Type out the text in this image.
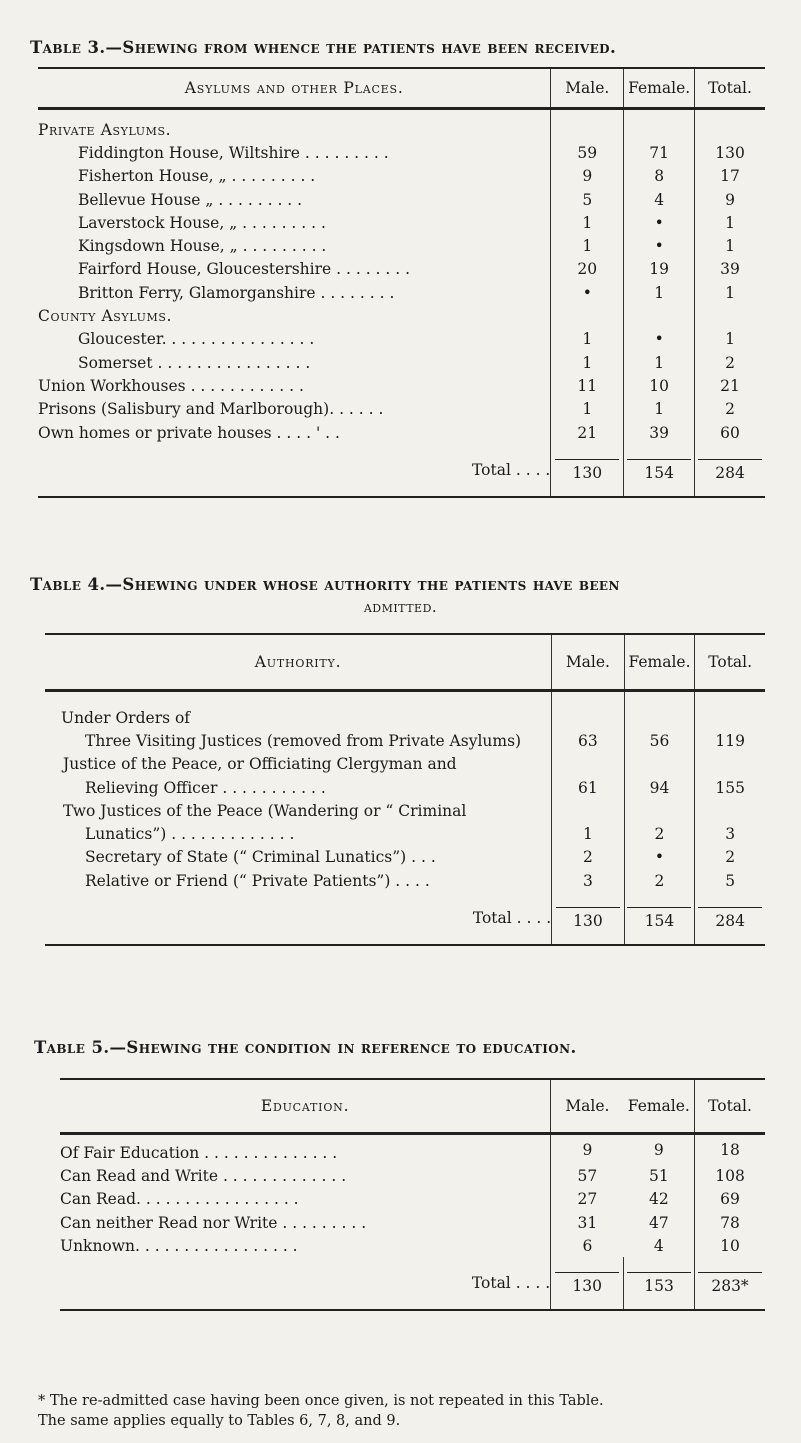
Table 3.—Shewing from whence the patients have been received.
Asylums and other Places.	Male.	Female.	Total.
Private Asylums.			
Fiddington House, Wiltshire . . . . . . . . .	59	71	130
Fisherton House, „ . . . . . . . . .	9	8	17
Bellevue House „ . . . . . . . . .	5	4	9
Laverstock House, „ . . . . . . . . .	1	•	1
Kingsdown House, „ . . . . . . . . .	1	•	1
Fairford House, Gloucestershire . . . . . . . .	20	19	39
Britton Ferry, Glamorganshire . . . . . . . .	•	1	1
County Asylums.			
Gloucester. . . . . . . . . . . . . . . .	1	•	1
Somerset . . . . . . . . . . . . . . . .	1	1	2
Union Workhouses . . . . . . . . . . . .	11	10	21
Prisons (Salisbury and Marlborough). . . . . .	1	1	2
Own homes or private houses . . . . ' . .	21	39	60
Total . . . .	130	154	284
Table 4.—Shewing under whose authority the patients have been
admitted.
Authority.	Male.	Female.	Total.
Under Orders of			
Three Visiting Justices (removed from Private Asylums)	63	56	119
Justice of the Peace, or Officiating Clergyman and			
Relieving Officer . . . . . . . . . . .	61	94	155
Two Justices of the Peace (Wandering or “ Criminal			
Lunatics”) . . . . . . . . . . . . .	1	2	3
Secretary of State (“ Criminal Lunatics”) . . .	2	•	2
Relative or Friend (“ Private Patients”) . . . .	3	2	5
Total . . . .	130	154	284
Table 5.—Shewing the condition in reference to education.
Education.	Male.	Female.	Total.
Of Fair Education . . . . . . . . . . . . . .	9	9	18
Can Read and Write . . . . . . . . . . . . .	57	51	108
Can Read. . . . . . . . . . . . . . . . .	27	42	69
Can neither Read nor Write . . . . . . . . .	31	47	78
Unknown. . . . . . . . . . . . . . . . .	6	4	10
Total . . . .	130	153	283*
* The re-admitted case having been once given, is not repeated in this Table.
The same applies equally to Tables 6, 7, 8, and 9.
